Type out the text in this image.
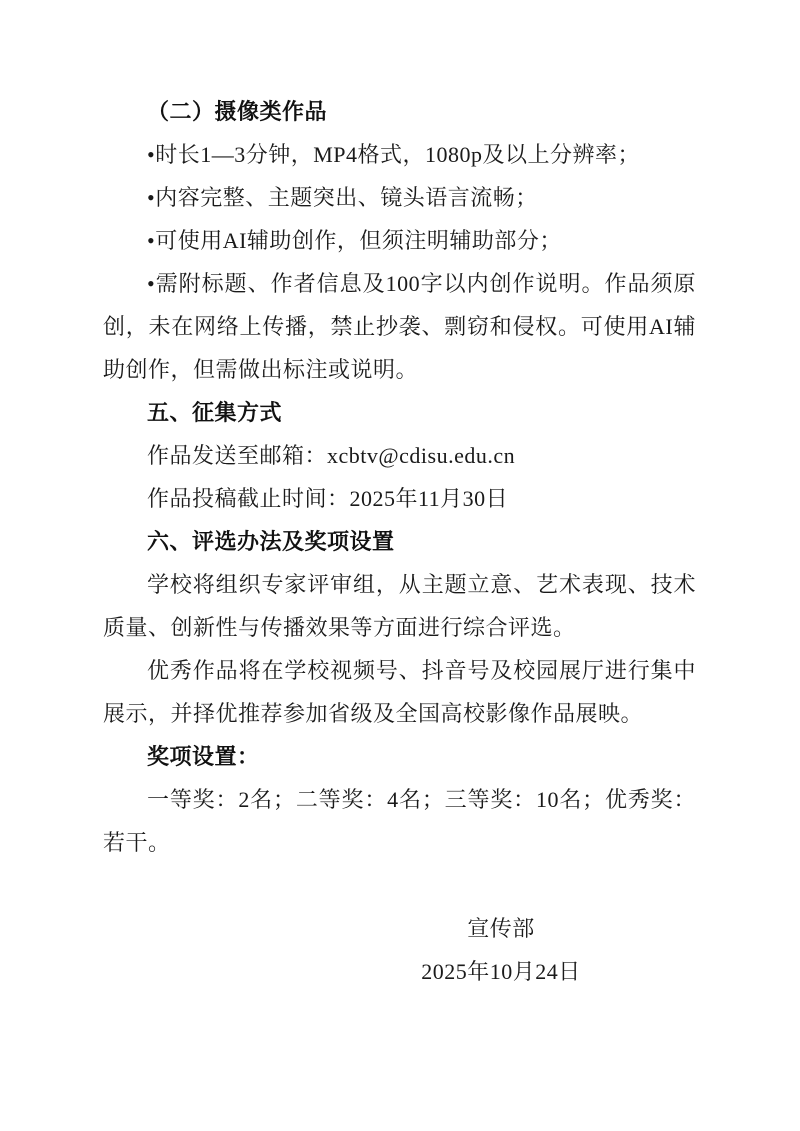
（二）摄像类作品

•时长1—3分钟，MP4格式，1080p及以上分辨率；

•内容完整、主题突出、镜头语言流畅；

•可使用AI辅助创作，但须注明辅助部分；

•需附标题、作者信息及100字以内创作说明。作品须原创，未在网络上传播，禁止抄袭、剽窃和侵权。可使用AI辅助创作，但需做出标注或说明。

五、征集方式

作品发送至邮箱：xcbtv@cdisu.edu.cn

作品投稿截止时间：2025年11月30日

六、评选办法及奖项设置

学校将组织专家评审组，从主题立意、艺术表现、技术质量、创新性与传播效果等方面进行综合评选。

优秀作品将在学校视频号、抖音号及校园展厅进行集中展示，并择优推荐参加省级及全国高校影像作品展映。

奖项设置：

一等奖：2名；二等奖：4名；三等奖：10名；优秀奖：若干。

宣传部

2025年10月24日
